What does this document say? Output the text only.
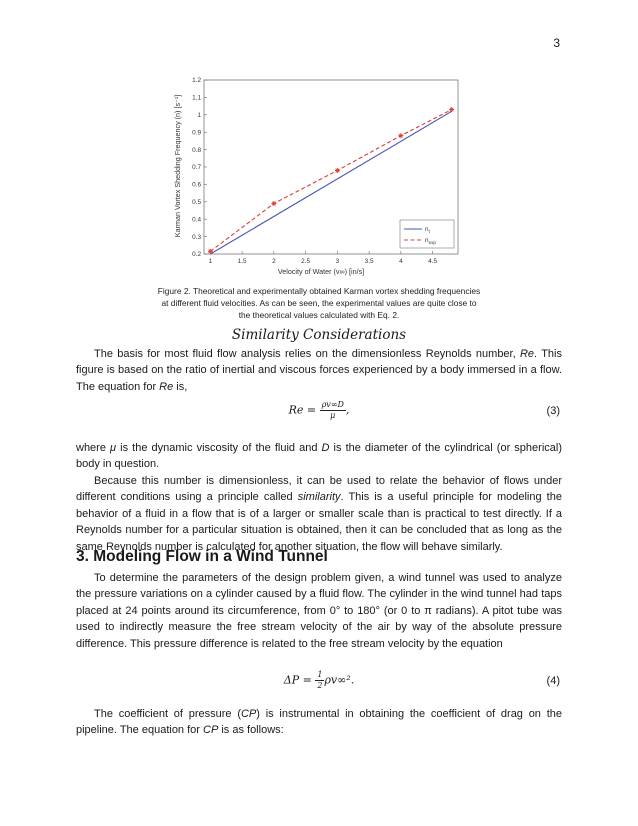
3
1	1.5	2	2.5	3	3.5	4	4.5
0.2
0.3
0.4
0.5
0.6
0.7
0.8
0.9
1
1.1
1.2
$n_t$
$n_{exp}$
Velocity of Water (v∞) [in/s]
Karman Vortex Shedding Frequency (n) [s⁻¹]
Figure 2. Theoretical and experimentally obtained Karman vortex shedding frequencies
at different fluid velocities. As can be seen, the experimental values are quite close to
the theoretical values calculated with Eq. 2.
Similarity Considerations

The basis for most fluid flow analysis relies on the dimensionless Reynolds number, Re. This figure is based on the ratio of inertial and viscous forces experienced by a body immersed in a flow. The equation for Re is,

$Re = \frac{\rho v\infty D}{\mu}$ ,	(3)

where μ is the dynamic viscosity of the fluid and D is the diameter of the cylindrical (or spherical) body in question.

Because this number is dimensionless, it can be used to relate the behavior of flows under different conditions using a principle called similarity. This is a useful principle for modeling the behavior of a fluid in a flow that is of a larger or smaller scale than is practical to test directly. If a Reynolds number for a particular situation is obtained, then it can be concluded that as long as the same Reynolds number is calculated for another situation, the flow will behave similarly.

3. Modeling Flow in a Wind Tunnel

To determine the parameters of the design problem given, a wind tunnel was used to analyze the pressure variations on a cylinder caused by a fluid flow. The cylinder in the wind tunnel had taps placed at 24 points around its circumference, from 0° to 180° (or 0 to π radians). A pitot tube was used to indirectly measure the free stream velocity of the air by way of the absolute pressure difference. This pressure difference is related to the free stream velocity by the equation

$\Delta P = \frac{1}{2} \rho v\infty^2$.	(4)

The coefficient of pressure (CP) is instrumental in obtaining the coefficient of drag on the pipeline. The equation for CP is as follows:
